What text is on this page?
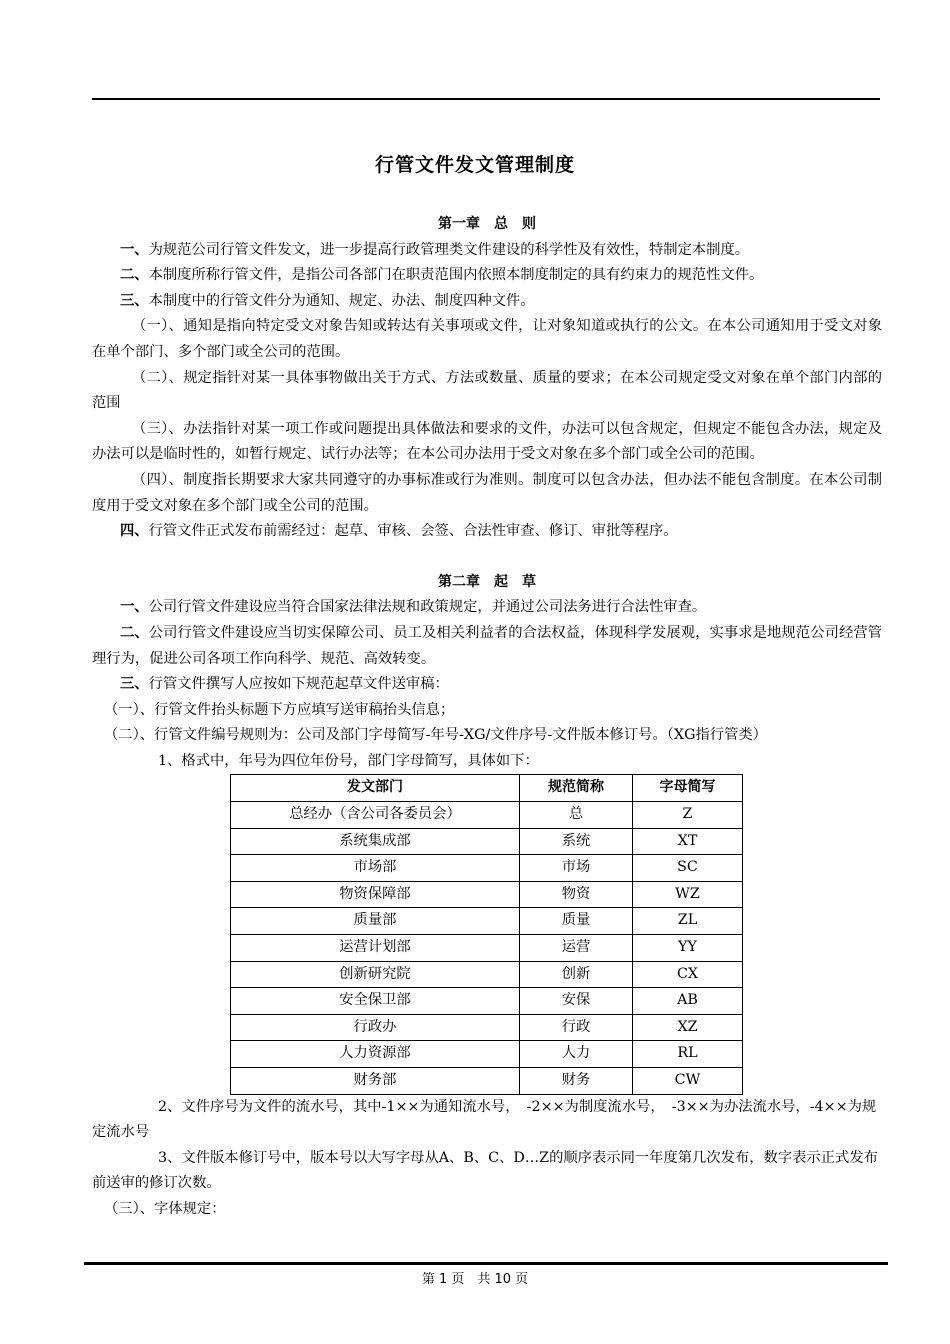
行管文件发文管理制度

第一章　总　则

一、为规范公司行管文件发文，进一步提高行政管理类文件建设的科学性及有效性，特制定本制度。

二、本制度所称行管文件，是指公司各部门在职责范围内依照本制度制定的具有约束力的规范性文件。

三、本制度中的行管文件分为通知、规定、办法、制度四种文件。

（一）、通知是指向特定受文对象告知或转达有关事项或文件，让对象知道或执行的公文。在本公司通知用于受文对象在单个部门、多个部门或全公司的范围。

（二）、规定指针对某一具体事物做出关于方式、方法或数量、质量的要求；在本公司规定受文对象在单个部门内部的范围

（三）、办法指针对某一项工作或问题提出具体做法和要求的文件，办法可以包含规定，但规定不能包含办法，规定及办法可以是临时性的，如暂行规定、试行办法等；在本公司办法用于受文对象在多个部门或全公司的范围。

（四）、制度指长期要求大家共同遵守的办事标准或行为准则。制度可以包含办法，但办法不能包含制度。在本公司制度用于受文对象在多个部门或全公司的范围。

四、行管文件正式发布前需经过：起草、审核、会签、合法性审查、修订、审批等程序。

第二章　起　草

一、公司行管文件建设应当符合国家法律法规和政策规定，并通过公司法务进行合法性审查。

二、公司行管文件建设应当切实保障公司、员工及相关利益者的合法权益，体现科学发展观，实事求是地规范公司经营管理行为，促进公司各项工作向科学、规范、高效转变。

三、行管文件撰写人应按如下规范起草文件送审稿：

（一）、行管文件抬头标题下方应填写送审稿抬头信息；

（二）、行管文件编号规则为：公司及部门字母简写-年号-XG/文件序号-文件版本修订号。（XG指行管类）

1、格式中，年号为四位年份号，部门字母简写，具体如下：

发文部门	规范简称	字母简写
总经办（含公司各委员会）	总	Z
系统集成部	系统	XT
市场部	市场	SC
物资保障部	物资	WZ
质量部	质量	ZL
运营计划部	运营	YY
创新研究院	创新	CX
安全保卫部	安保	AB
行政办	行政	XZ
人力资源部	人力	RL
财务部	财务	CW

2、文件序号为文件的流水号，其中-1××为通知流水号，　-2××为制度流水号，　-3××为办法流水号，-4××为规定流水号

3、文件版本修订号中，版本号以大写字母从A、B、C、D…Z的顺序表示同一年度第几次发布，数字表示正式发布前送审的修订次数。

（三）、字体规定：

第 1 页　共 10 页
